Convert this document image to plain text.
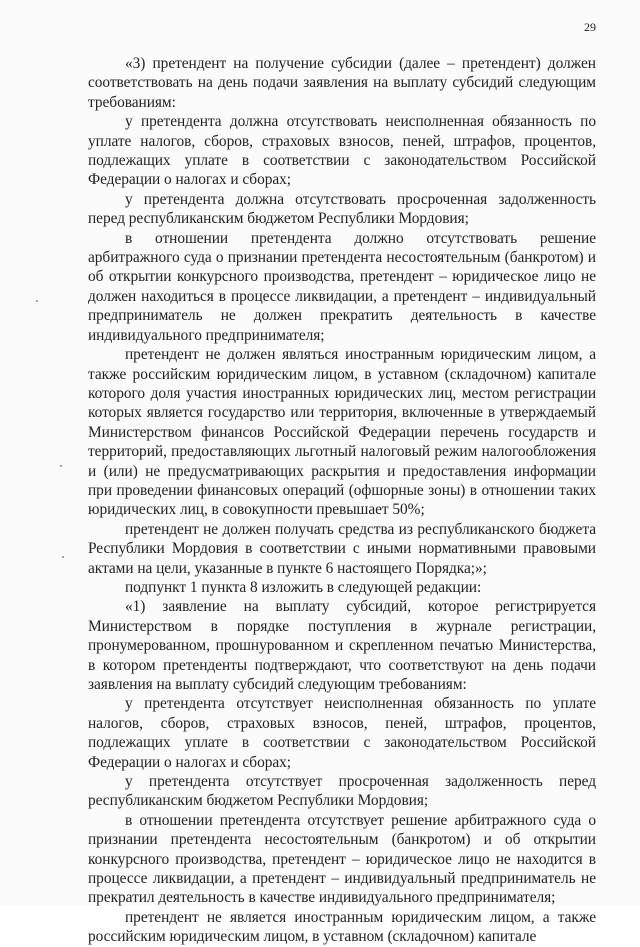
29

«3) претендент на получение субсидии (далее – претендент) должен соответствовать на день подачи заявления на выплату субсидий следующим требованиям:

у претендента должна отсутствовать неисполненная обязанность по уплате налогов, сборов, страховых взносов, пеней, штрафов, процентов, подлежащих уплате в соответствии с законодательством Российской Федерации о налогах и сборах;

у претендента должна отсутствовать просроченная задолженность перед республиканским бюджетом Республики Мордовия;

в отношении претендента должно отсутствовать решение арбитражного суда о признании претендента несостоятельным (банкротом) и об открытии конкурсного производства, претендент – юридическое лицо не должен находиться в процессе ликвидации, а претендент – индивидуальный предприниматель не должен прекратить деятельность в качестве индивидуального предпринимателя;

претендент не должен являться иностранным юридическим лицом, а также российским юридическим лицом, в уставном (складочном) капитале которого доля участия иностранных юридических лиц, местом регистрации которых является государство или территория, включенные в утверждаемый Министерством финансов Российской Федерации перечень государств и территорий, предоставляющих льготный налоговый режим налогообложения и (или) не предусматривающих раскрытия и предоставления информации при проведении финансовых операций (офшорные зоны) в отношении таких юридических лиц, в совокупности превышает 50%;

претендент не должен получать средства из республиканского бюджета Республики Мордовия в соответствии с иными нормативными правовыми актами на цели, указанные в пункте 6 настоящего Порядка;»;

подпункт 1 пункта 8 изложить в следующей редакции:

«1) заявление на выплату субсидий, которое регистрируется Министерством в порядке поступления в журнале регистрации, пронумерованном, прошнурованном и скрепленном печатью Министерства, в котором претенденты подтверждают, что соответствуют на день подачи заявления на выплату субсидий следующим требованиям:

у претендента отсутствует неисполненная обязанность по уплате налогов, сборов, страховых взносов, пеней, штрафов, процентов, подлежащих уплате в соответствии с законодательством Российской Федерации о налогах и сборах;

у претендента отсутствует просроченная задолженность перед республиканским бюджетом Республики Мордовия;

в отношении претендента отсутствует решение арбитражного суда о признании претендента несостоятельным (банкротом) и об открытии конкурсного производства, претендент – юридическое лицо не находится в процессе ликвидации, а претендент – индивидуальный предприниматель не прекратил деятельность в качестве индивидуального предпринимателя;

претендент не является иностранным юридическим лицом, а также российским юридическим лицом, в уставном (складочном) капитале
